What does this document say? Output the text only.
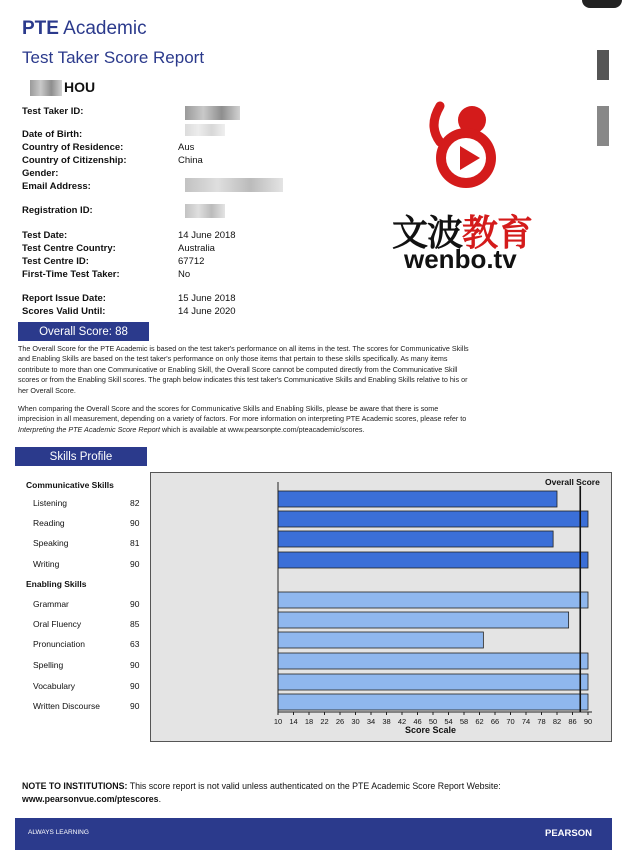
PTE Academic
Test Taker Score Report
HOU
Test Taker ID:
Date of Birth:
Country of Residence:	Aus
Country of Citizenship:	China
Gender:
Email Address:
Registration ID:
Test Date:	14 June 2018
Test Centre Country:	Australia
Test Centre ID:	67712
First-Time Test Taker:	No
Report Issue Date:	15 June 2018
Scores Valid Until:	14 June 2020
文波教育
wenbo.tv
Overall Score: 88
The Overall Score for the PTE Academic is based on the test taker's performance on all items in the test. The scores for Communicative Skills and Enabling Skills are based on the test taker's performance on only those items that pertain to these skills specifically. As many items contribute to more than one Communicative or Enabling Skill, the Overall Score cannot be computed directly from the Communicative Skill scores or from the Enabling Skill scores. The graph below indicates this test taker's Communicative Skills and Enabling Skills relative to his or her Overall Score.
When comparing the Overall Score and the scores for Communicative Skills and Enabling Skills, please be aware that there is some imprecision in all measurement, depending on a variety of factors. For more information on interpreting PTE Academic scores, please refer to Interpreting the PTE Academic Score Report which is available at www.pearsonpte.com/pteacademic/scores.
Skills Profile
Communicative Skills
Listening	82
Reading	90
Speaking	81
Writing	90
Enabling Skills
Grammar	90
Oral Fluency	85
Pronunciation	63
Spelling	90
Vocabulary	90
Written Discourse	90
Overall Score
10 14 18 22 26 30 34 38 42 46 50 54 58 62 66 70 74 78 82 86 90
Score Scale
NOTE TO INSTITUTIONS: This score report is not valid unless authenticated on the PTE Academic Score Report Website: www.pearsonvue.com/ptescores.
ALWAYS LEARNING	PEARSON
